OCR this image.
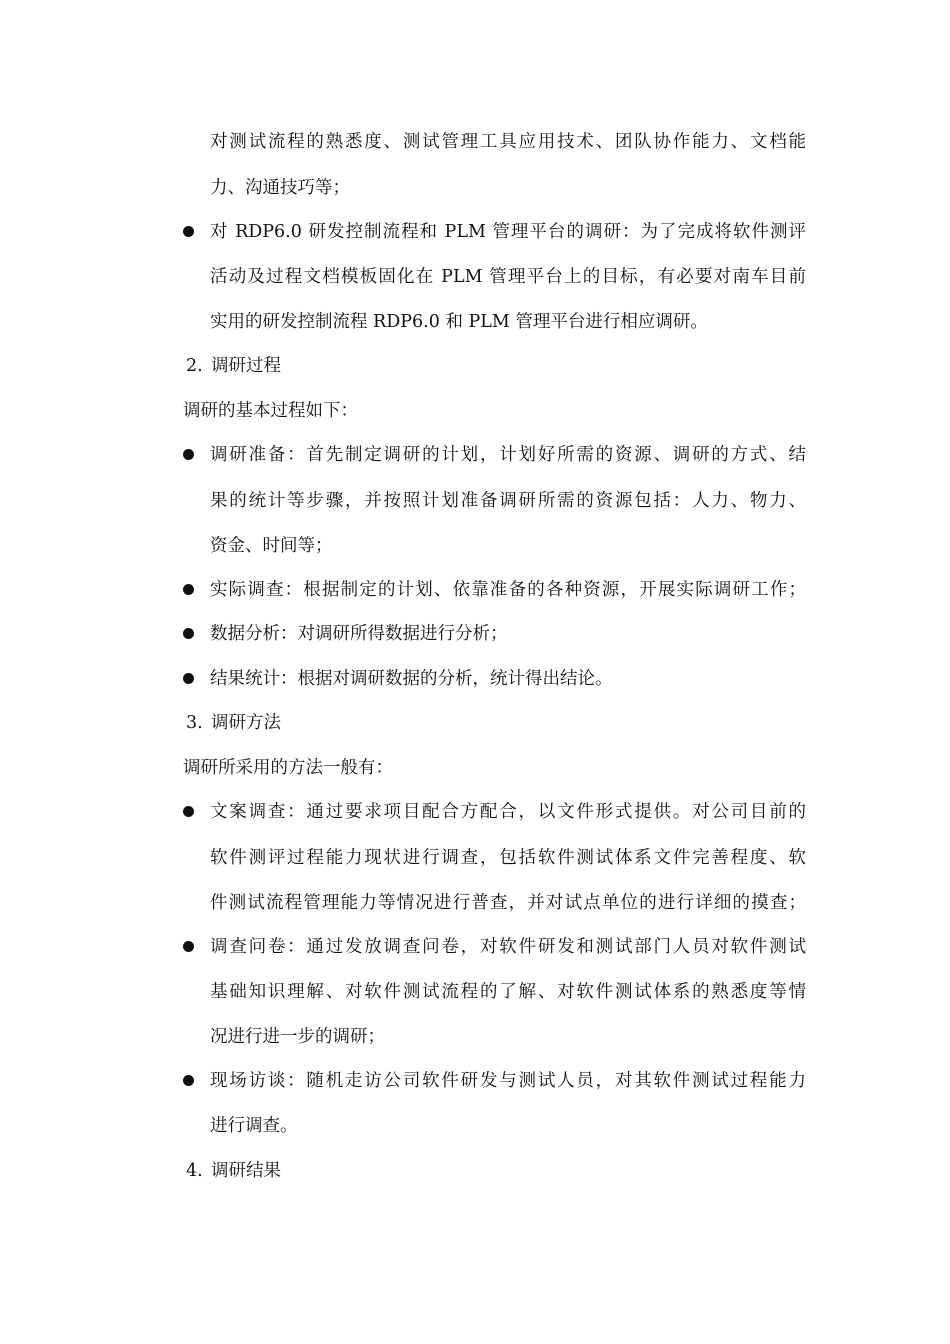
对测试流程的熟悉度、测试管理工具应用技术、团队协作能力、文档能
力、沟通技巧等；
对 RDP6.0 研发控制流程和 PLM 管理平台的调研：为了完成将软件测评
活动及过程文档模板固化在 PLM 管理平台上的目标，有必要对南车目前
实用的研发控制流程 RDP6.0 和 PLM 管理平台进行相应调研。
2. 调研过程
调研的基本过程如下：
调研准备：首先制定调研的计划，计划好所需的资源、调研的方式、结
果的统计等步骤，并按照计划准备调研所需的资源包括：人力、物力、
资金、时间等；
实际调查：根据制定的计划、依靠准备的各种资源，开展实际调研工作；
数据分析：对调研所得数据进行分析；
结果统计：根据对调研数据的分析，统计得出结论。
3. 调研方法
调研所采用的方法一般有：
文案调查：通过要求项目配合方配合，以文件形式提供。对公司目前的
软件测评过程能力现状进行调查，包括软件测试体系文件完善程度、软
件测试流程管理能力等情况进行普查，并对试点单位的进行详细的摸查；
调查问卷：通过发放调查问卷，对软件研发和测试部门人员对软件测试
基础知识理解、对软件测试流程的了解、对软件测试体系的熟悉度等情
况进行进一步的调研；
现场访谈：随机走访公司软件研发与测试人员，对其软件测试过程能力
进行调查。
4. 调研结果
